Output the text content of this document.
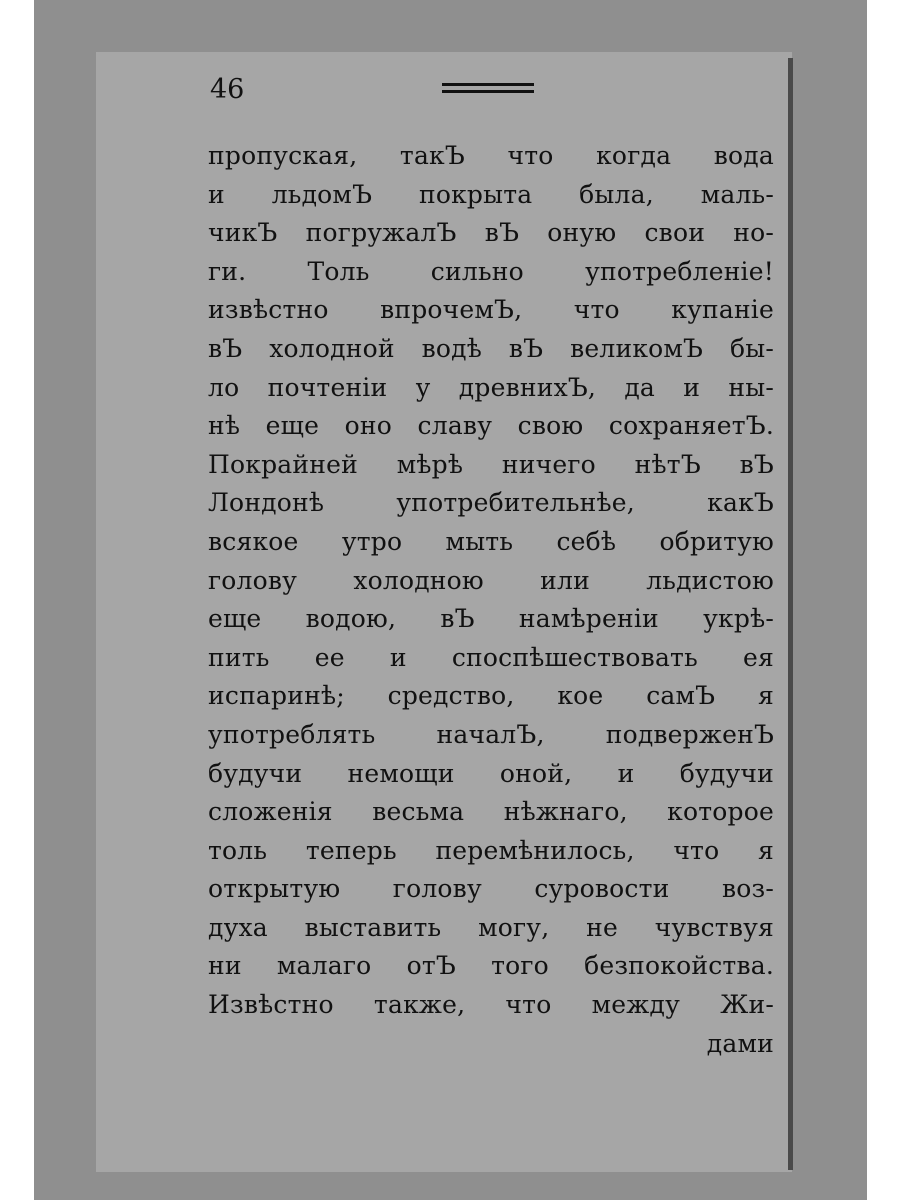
46
пропуская, такЪ что когда вода
и льдомЪ покрыта была, маль-
чикЪ погружалЪ вЪ оную свои но-
ги. Толь сильно употребленіе!
извѣстно впрочемЪ, что купаніе
вЪ холодной водѣ вЪ великомЪ бы-
ло почтеніи у древнихЪ, да и ны-
нѣ еще оно славу свою сохраняетЪ.
Покрайней мѣрѣ ничего нѣтЪ вЪ
Лондонѣ употребительнѣе, какЪ
всякое утро мыть себѣ обритую
голову холодною или льдистою
еще водою, вЪ намѣреніи укрѣ-
пить ее и споспѣшествовать ея
испаринѣ; средство, кое самЪ я
употреблять началЪ, подверженЪ
будучи немощи оной, и будучи
сложенія весьма нѣжнаго, которое
толь теперь перемѣнилось, что я
открытую голову суровости воз-
духа выставить могу, не чувствуя
ни малаго отЪ того безпокойства.
Извѣстно также, что между Жи-
дами
